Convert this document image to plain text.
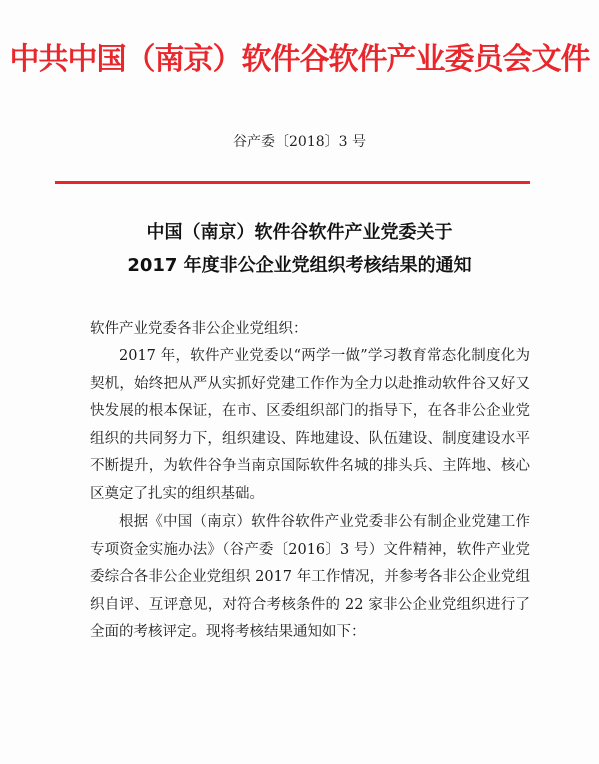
中共中国（南京）软件谷软件产业委员会文件
谷产委〔2018〕3 号
中国（南京）软件谷软件产业党委关于
2017 年度非公企业党组织考核结果的通知
软件产业党委各非公企业党组织：

2017 年，软件产业党委以“两学一做”学习教育常态化制度化为契机，始终把从严从实抓好党建工作作为全力以赴推动软件谷又好又快发展的根本保证，在市、区委组织部门的指导下，在各非公企业党组织的共同努力下，组织建设、阵地建设、队伍建设、制度建设水平不断提升，为软件谷争当南京国际软件名城的排头兵、主阵地、核心区奠定了扎实的组织基础。

根据《中国（南京）软件谷软件产业党委非公有制企业党建工作专项资金实施办法》（谷产委〔2016〕3 号）文件精神，软件产业党委综合各非公企业党组织 2017 年工作情况，并参考各非公企业党组织自评、互评意见，对符合考核条件的 22 家非公企业党组织进行了全面的考核评定。现将考核结果通知如下：
